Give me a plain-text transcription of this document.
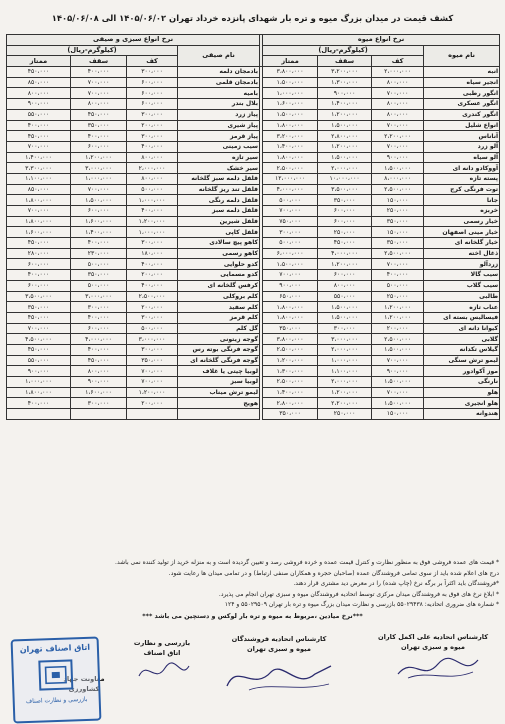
کشف قیمت در میدان بزرگ میوه و تره بار شهدای پانزده خرداد تهران ۱۴۰۵/۰۶/۰۲ الی ۱۴۰۵/۰۶/۰۸
نرخ انواع میوه					نرخ انواع سبزی و صیفی			
نام میوه	(کیلوگرم-ریال)				نام صیفی	(کیلوگرم-ریال)		
	کف	سقف	ممتاز			کف	سقف	ممتاز
انبه	۲،۰۰۰،۰۰۰	۳،۲۰۰،۰۰۰	۳،۸۰۰،۰۰۰		بادمجان دلمه	۳۰۰،۰۰۰	۴۰۰،۰۰۰	۴۵۰،۰۰۰
انجیر سیاه	۸۰۰،۰۰۰	۱،۳۰۰،۰۰۰	۱،۵۰۰،۰۰۰		بادمجان قلمی	۶۰۰،۰۰۰	۷۰۰،۰۰۰	۸۵۰،۰۰۰
انگور رطبی	۷۰۰،۰۰۰	۹۰۰،۰۰۰	۱،۰۰۰،۰۰۰		بامیه	۶۰۰،۰۰۰	۷۰۰،۰۰۰	۸۰۰،۰۰۰
انگور عسکری	۸۰۰،۰۰۰	۱،۴۰۰،۰۰۰	۱،۶۰۰،۰۰۰		بلال بندر	۶۰۰،۰۰۰	۸۰۰،۰۰۰	۹۰۰،۰۰۰
انگور کندری	۸۰۰،۰۰۰	۱،۲۰۰،۰۰۰	۱،۵۰۰،۰۰۰		پیاز زرد	۳۰۰،۰۰۰	۴۵۰،۰۰۰	۵۵۰،۰۰۰
انواع شلیل	۷۰۰،۰۰۰	۱،۵۰۰،۰۰۰	۱،۸۰۰،۰۰۰		پیاز شیری	۲۰۰،۰۰۰	۳۵۰،۰۰۰	۴۰۰،۰۰۰
آناناس	۲،۲۰۰،۰۰۰	۲،۸۰۰،۰۰۰	۳،۲۰۰،۰۰۰		پیاز قرمز	۳۰۰،۰۰۰	۴۰۰،۰۰۰	۴۵۰،۰۰۰
آلو زرد	۷۰۰،۰۰۰	۱،۲۰۰،۰۰۰	۱،۴۰۰،۰۰۰		سیب زمینی	۴۰۰،۰۰۰	۶۰۰،۰۰۰	۷۰۰،۰۰۰
آلو سیاه	۹۰۰،۰۰۰	۱،۵۰۰،۰۰۰	۱،۸۰۰،۰۰۰		سیر تازه	۸۰۰،۰۰۰	۱،۲۰۰،۰۰۰	۱،۴۰۰،۰۰۰
آووکادو دانه ای	۱،۵۰۰،۰۰۰	۲،۰۰۰،۰۰۰	۲،۵۰۰،۰۰۰		سیر خشک	۲،۰۰۰،۰۰۰	۳،۰۰۰،۰۰۰	۳،۳۰۰،۰۰۰
پسته تازه	۸،۰۰۰،۰۰۰	۱۰،۰۰۰،۰۰۰	۱۲،۰۰۰،۰۰۰		فلفل دلمه سبز گلخانه	۸۰۰،۰۰۰	۱،۰۰۰،۰۰۰	۱،۱۰۰،۰۰۰
توت فرنگی کرج	۲،۵۰۰،۰۰۰	۳،۵۰۰،۰۰۰	۴،۰۰۰،۰۰۰		فلفل تند ریز گلخانه	۵۰۰،۰۰۰	۷۰۰،۰۰۰	۸۵۰،۰۰۰
جانا	۱۵۰،۰۰۰	۳۵۰،۰۰۰	۵۰۰،۰۰۰		فلفل دلمه رنگی	۱،۰۰۰،۰۰۰	۱،۵۰۰،۰۰۰	۱،۸۰۰،۰۰۰
خربزه	۲۵۰،۰۰۰	۶۰۰،۰۰۰	۷۰۰،۰۰۰		فلفل دلمه سبز	۴۰۰،۰۰۰	۶۰۰،۰۰۰	۷۰۰،۰۰۰
خیار رسمی	۳۵۰،۰۰۰	۶۰۰،۰۰۰	۷۵۰،۰۰۰		فلفل شیرین	۱،۲۰۰،۰۰۰	۱،۶۰۰،۰۰۰	۱،۸۰۰،۰۰۰
خیار مینی اصفهان	۱۵۰،۰۰۰	۲۵۰،۰۰۰	۳۰۰،۰۰۰		فلفل کاپی	۱،۰۰۰،۰۰۰	۱،۴۰۰،۰۰۰	۱،۶۰۰،۰۰۰
خیار گلخانه ای	۳۵۰،۰۰۰	۴۵۰،۰۰۰	۵۰۰،۰۰۰		کاهو پیچ سالادی	۳۰۰،۰۰۰	۴۰۰،۰۰۰	۴۵۰،۰۰۰
ذغال اخته	۲،۵۰۰،۰۰۰	۴،۰۰۰،۰۰۰	۶،۰۰۰،۰۰۰		کاهو رسمی	۱۸۰،۰۰۰	۲۳۰،۰۰۰	۲۸۰،۰۰۰
زردآلو	۷۰۰،۰۰۰	۱،۲۰۰،۰۰۰	۱،۵۰۰،۰۰۰		کدو حلوایی	۴۰۰،۰۰۰	۵۰۰،۰۰۰	۶۰۰،۰۰۰
سیب گالا	۴۰۰،۰۰۰	۶۰۰،۰۰۰	۷۰۰،۰۰۰		کدو مسمایی	۲۰۰،۰۰۰	۳۵۰،۰۰۰	۴۰۰،۰۰۰
سیب گلاب	۵۰۰،۰۰۰	۸۰۰،۰۰۰	۹۰۰،۰۰۰		کرفس گلخانه ای	۴۰۰،۰۰۰	۵۰۰،۰۰۰	۶۰۰،۰۰۰
طالبی	۲۵۰،۰۰۰	۵۵۰،۰۰۰	۶۵۰،۰۰۰		کلم بروکلی	۲،۵۰۰،۰۰۰	۳،۰۰۰،۰۰۰	۳،۵۰۰،۰۰۰
عناب تازه	۱،۲۰۰،۰۰۰	۱،۵۰۰،۰۰۰	۱،۸۰۰،۰۰۰		کلم سفید	۲۰۰،۰۰۰	۳۰۰،۰۰۰	۳۵۰،۰۰۰
فیسالیس بسته ای	۱،۲۰۰،۰۰۰	۱،۵۰۰،۰۰۰	۱،۸۰۰،۰۰۰		کلم قرمز	۳۰۰،۰۰۰	۴۰۰،۰۰۰	۴۵۰،۰۰۰
کیوانا دانه ای	۲۰۰،۰۰۰	۳۰۰،۰۰۰	۳۵۰،۰۰۰		گل کلم	۵۰۰،۰۰۰	۶۰۰،۰۰۰	۷۰۰،۰۰۰
گلابی	۲،۵۰۰،۰۰۰	۳،۰۰۰،۰۰۰	۳،۸۰۰،۰۰۰		گوجه زیتونی	۳،۰۰۰،۰۰۰	۴،۰۰۰،۰۰۰	۴،۵۰۰،۰۰۰
گیلاس تکدانه	۱،۵۰۰،۰۰۰	۲،۰۰۰،۰۰۰	۲،۵۰۰،۰۰۰		گوجه فرنگی بوته رس	۳۰۰،۰۰۰	۴۰۰،۰۰۰	۴۵۰،۰۰۰
لیمو ترش سنگی	۷۰۰،۰۰۰	۱،۰۰۰،۰۰۰	۱،۲۰۰،۰۰۰		گوجه فرنگی گلخانه ای	۳۵۰،۰۰۰	۴۵۰،۰۰۰	۵۵۰،۰۰۰
موز آکوادور	۹۰۰،۰۰۰	۱،۱۰۰،۰۰۰	۱،۳۰۰،۰۰۰		لوبیا چیتی یا غلاف	۷۰۰،۰۰۰	۸۰۰،۰۰۰	۹۰۰،۰۰۰
نارنگی	۱،۵۰۰،۰۰۰	۲،۰۰۰،۰۰۰	۲،۵۰۰،۰۰۰		لوبیا سبز	۷۰۰،۰۰۰	۹۰۰،۰۰۰	۱،۰۰۰،۰۰۰
هلو	۷۰۰،۰۰۰	۱،۲۰۰،۰۰۰	۱،۴۰۰،۰۰۰		لیمو ترش میناب	۱،۲۰۰،۰۰۰	۱،۶۰۰،۰۰۰	۱،۸۰۰،۰۰۰
هلو انجیری	۱،۵۰۰،۰۰۰	۲،۲۰۰،۰۰۰	۲،۸۰۰،۰۰۰		هویج	۲۰۰،۰۰۰	۳۰۰،۰۰۰	۴۰۰،۰۰۰
هندوانه	۱۵۰،۰۰۰	۲۵۰،۰۰۰	۳۵۰،۰۰۰					
* قیمت های عمده فروشی فوق به منظور نظارت و کنترل قیمت عمده و خرده فروشی رصد و تعیین گردیده است و به منزله خرید از تولید کننده نمی باشد.
درج های اعلام شده باید از سوی تمامی فروشندگان عمده (صاحبان حجره و همکاران صنفی ارتباط) و در تمامی میدان ها رعایت شود.
*فروشندگان باید اکثراً بر برگه نرخ (چاپ شده) را در معرض دید مشتری قرار دهند.
* ابلاغ نرخ های فوق به فروشندگان میدان مرکزی توسط اتحادیه فروشندگان میوه و سبزی تهران انجام می پذیرد.
* شماره های ضروری اتحادیه: ۵۵۰۲۹۴۳۸ بازرسی و نظارت میدان بزرگ میوه و تره بار تهران ۵۵۰۲۹۵۰۹ و ۱۲۴
***نرخ میادین ،مربوط به میوه و تره بار لوکس و دستچین می باشد ***
کارشناس اتحادیه علی اکمل کاران
میوه و سبزی تهران
کارشناس اتحادیه فروشندگان
میوه و سبزی تهران
بازرسی و نظارت
اتاق اصناف
معاونت جهاد کشاورزی
اتاق اصناف تهران
بازرسی و نظارت اصناف
